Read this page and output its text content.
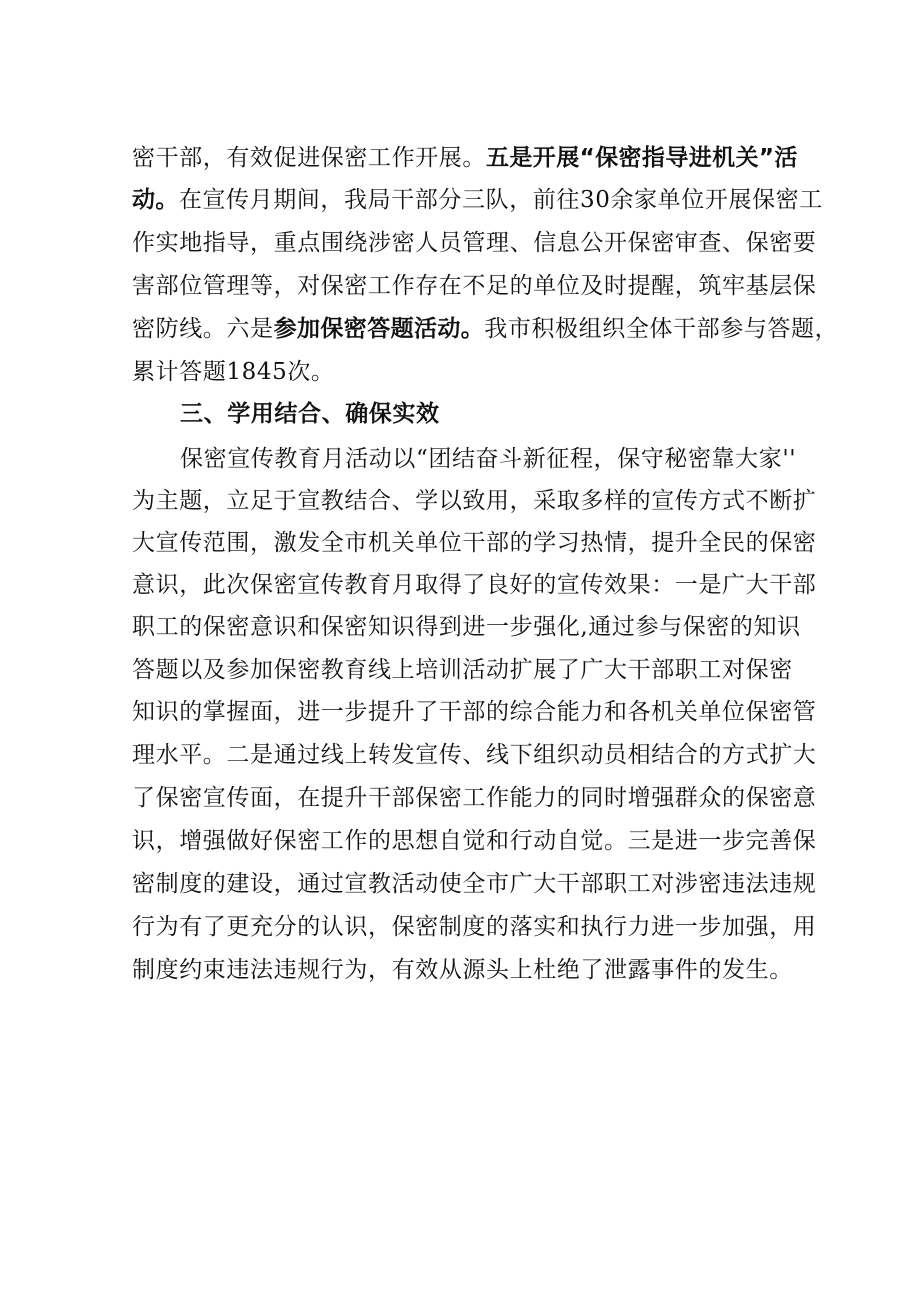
密干部，有效促进保密工作开展。五是开展“保密指导进机关”活
动。在宣传月期间，我局干部分三队，前往30余家单位开展保密工
作实地指导，重点围绕涉密人员管理、信息公开保密审查、保密要
害部位管理等，对保密工作存在不足的单位及时提醒，筑牢基层保
密防线。六是参加保密答题活动。我市积极组织全体干部参与答题，
累计答题1845次。
三、学用结合、确保实效
保密宣传教育月活动以“团结奋斗新征程，保守秘密靠大家''
为主题，立足于宣教结合、学以致用，采取多样的宣传方式不断扩
大宣传范围，激发全市机关单位干部的学习热情，提升全民的保密
意识，此次保密宣传教育月取得了良好的宣传效果：一是广大干部
职工的保密意识和保密知识得到进一步强化,通过参与保密的知识
答题以及参加保密教育线上培训活动扩展了广大干部职工对保密
知识的掌握面，进一步提升了干部的综合能力和各机关单位保密管
理水平。二是通过线上转发宣传、线下组织动员相结合的方式扩大
了保密宣传面，在提升干部保密工作能力的同时增强群众的保密意
识，增强做好保密工作的思想自觉和行动自觉。三是进一步完善保
密制度的建设，通过宣教活动使全市广大干部职工对涉密违法违规
行为有了更充分的认识，保密制度的落实和执行力进一步加强，用
制度约束违法违规行为，有效从源头上杜绝了泄露事件的发生。
